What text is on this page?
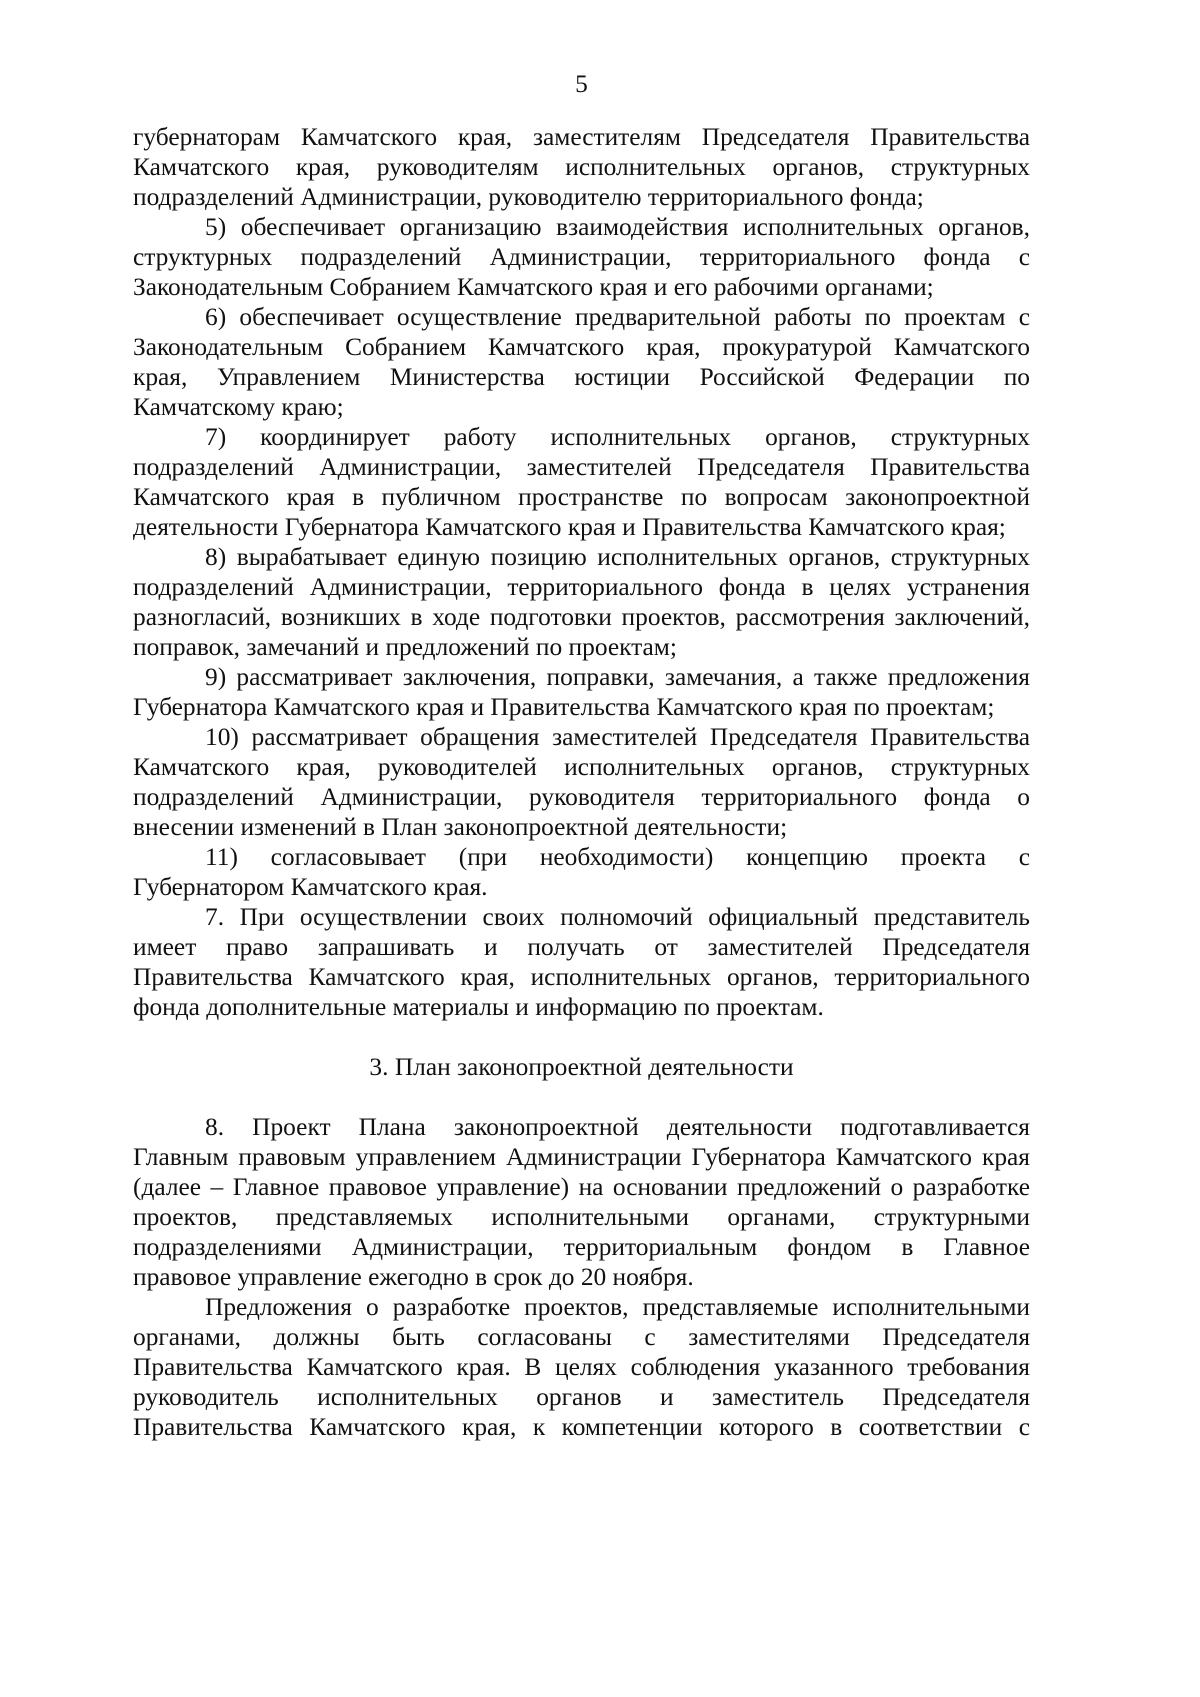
5
губернаторам Камчатского края, заместителям Председателя Правительства
Камчатского края, руководителям исполнительных органов, структурных
подразделений Администрации, руководителю территориального фонда;
5) обеспечивает организацию взаимодействия исполнительных органов,
структурных подразделений Администрации, территориального фонда с
Законодательным Собранием Камчатского края и его рабочими органами;
6) обеспечивает осуществление предварительной работы по проектам с
Законодательным Собранием Камчатского края, прокуратурой Камчатского
края, Управлением Министерства юстиции Российской Федерации по
Камчатскому краю;
7) координирует работу исполнительных органов, структурных
подразделений Администрации, заместителей Председателя Правительства
Камчатского края в публичном пространстве по вопросам законопроектной
деятельности Губернатора Камчатского края и Правительства Камчатского края;
8) вырабатывает единую позицию исполнительных органов, структурных
подразделений Администрации, территориального фонда в целях устранения
разногласий, возникших в ходе подготовки проектов, рассмотрения заключений,
поправок, замечаний и предложений по проектам;
9) рассматривает заключения, поправки, замечания, а также предложения
Губернатора Камчатского края и Правительства Камчатского края по проектам;
10) рассматривает обращения заместителей Председателя Правительства
Камчатского края, руководителей исполнительных органов, структурных
подразделений Администрации, руководителя территориального фонда о
внесении изменений в План законопроектной деятельности;
11) согласовывает (при необходимости) концепцию проекта с
Губернатором Камчатского края.
7. При осуществлении своих полномочий официальный представитель
имеет право запрашивать и получать от заместителей Председателя
Правительства Камчатского края, исполнительных органов, территориального
фонда дополнительные материалы и информацию по проектам.
3. План законопроектной деятельности
8. Проект Плана законопроектной деятельности подготавливается
Главным правовым управлением Администрации Губернатора Камчатского края
(далее – Главное правовое управление) на основании предложений о разработке
проектов, представляемых исполнительными органами, структурными
подразделениями Администрации, территориальным фондом в Главное
правовое управление ежегодно в срок до 20 ноября.
Предложения о разработке проектов, представляемые исполнительными
органами, должны быть согласованы с заместителями Председателя
Правительства Камчатского края. В целях соблюдения указанного требования
руководитель исполнительных органов и заместитель Председателя
Правительства Камчатского края, к компетенции которого в соответствии с
